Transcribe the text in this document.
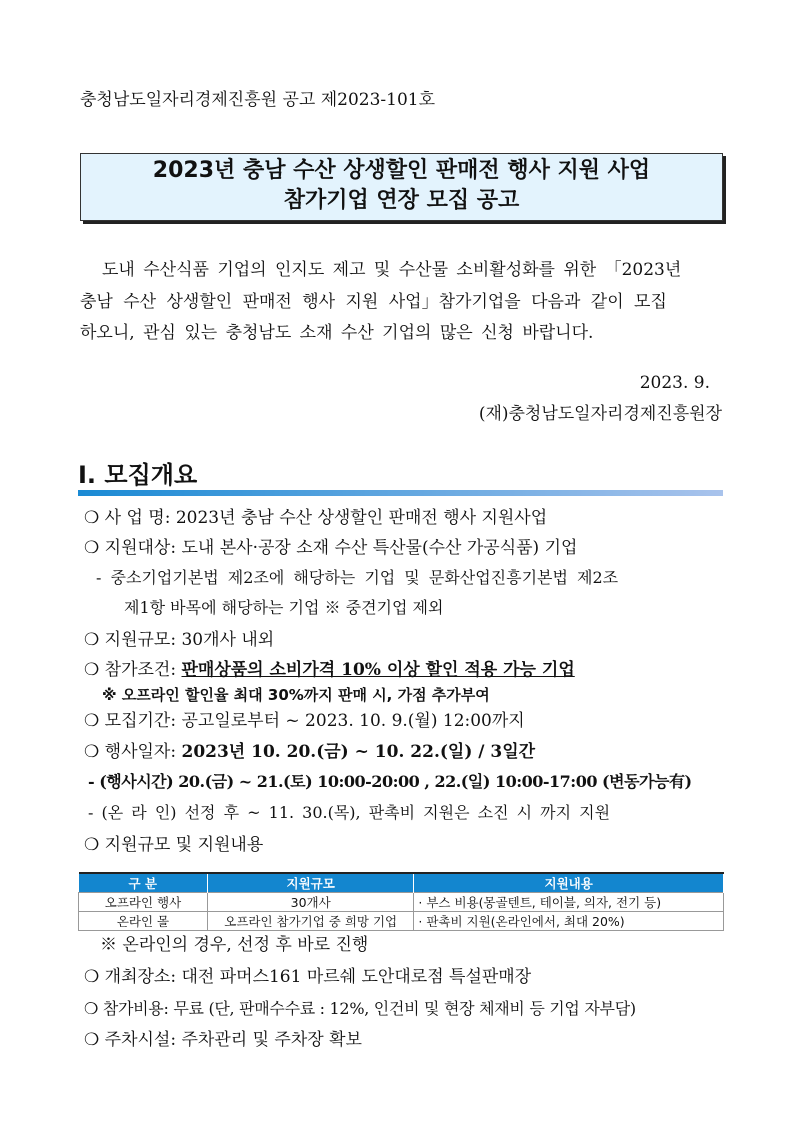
충청남도일자리경제진흥원 공고 제2023-101호
2023년 충남 수산 상생할인 판매전 행사 지원 사업
참가기업 연장 모집 공고
도내 수산식품 기업의 인지도 제고 및 수산물 소비활성화를 위한 「2023년
충남 수산 상생할인 판매전 행사 지원 사업」참가기업을 다음과 같이 모집
하오니, 관심 있는 충청남도 소재 수산 기업의 많은 신청 바랍니다.
2023. 9.
(재)충청남도일자리경제진흥원장
Ⅰ. 모집개요
❍ 사 업 명: 2023년 충남 수산 상생할인 판매전 행사 지원사업
❍ 지원대상: 도내 본사·공장 소재 수산 특산물(수산 가공식품) 기업
- 중소기업기본법 제2조에 해당하는 기업 및 문화산업진흥기본법 제2조
제1항 바목에 해당하는 기업 ※ 중견기업 제외
❍ 지원규모: 30개사 내외
❍ 참가조건: 판매상품의 소비가격 10% 이상 할인 적용 가능 기업
※ 오프라인 할인율 최대 30%까지 판매 시, 가점 추가부여
❍ 모집기간: 공고일로부터 ~ 2023. 10. 9.(월) 12:00까지
❍ 행사일자: 2023년 10. 20.(금) ~ 10. 22.(일) / 3일간
- (행사시간) 20.(금) ~ 21.(토) 10:00-20:00 , 22.(일) 10:00-17:00 (변동가능有)
- (온 라 인) 선정 후 ~ 11. 30.(목), 판촉비 지원은 소진 시 까지 지원
❍ 지원규모 및 지원내용
구 분	지원규모	지원내용
오프라인 행사	30개사	· 부스 비용(몽골텐트, 테이블, 의자, 전기 등)
온라인 몰	오프라인 참가기업 중 희망 기업	· 판촉비 지원(온라인에서, 최대 20%)
※ 온라인의 경우, 선정 후 바로 진행
❍ 개최장소: 대전 파머스161 마르쉐 도안대로점 특설판매장
❍ 참가비용: 무료 (단, 판매수수료 : 12%, 인건비 및 현장 체재비 등 기업 자부담)
❍ 주차시설: 주차관리 및 주차장 확보
